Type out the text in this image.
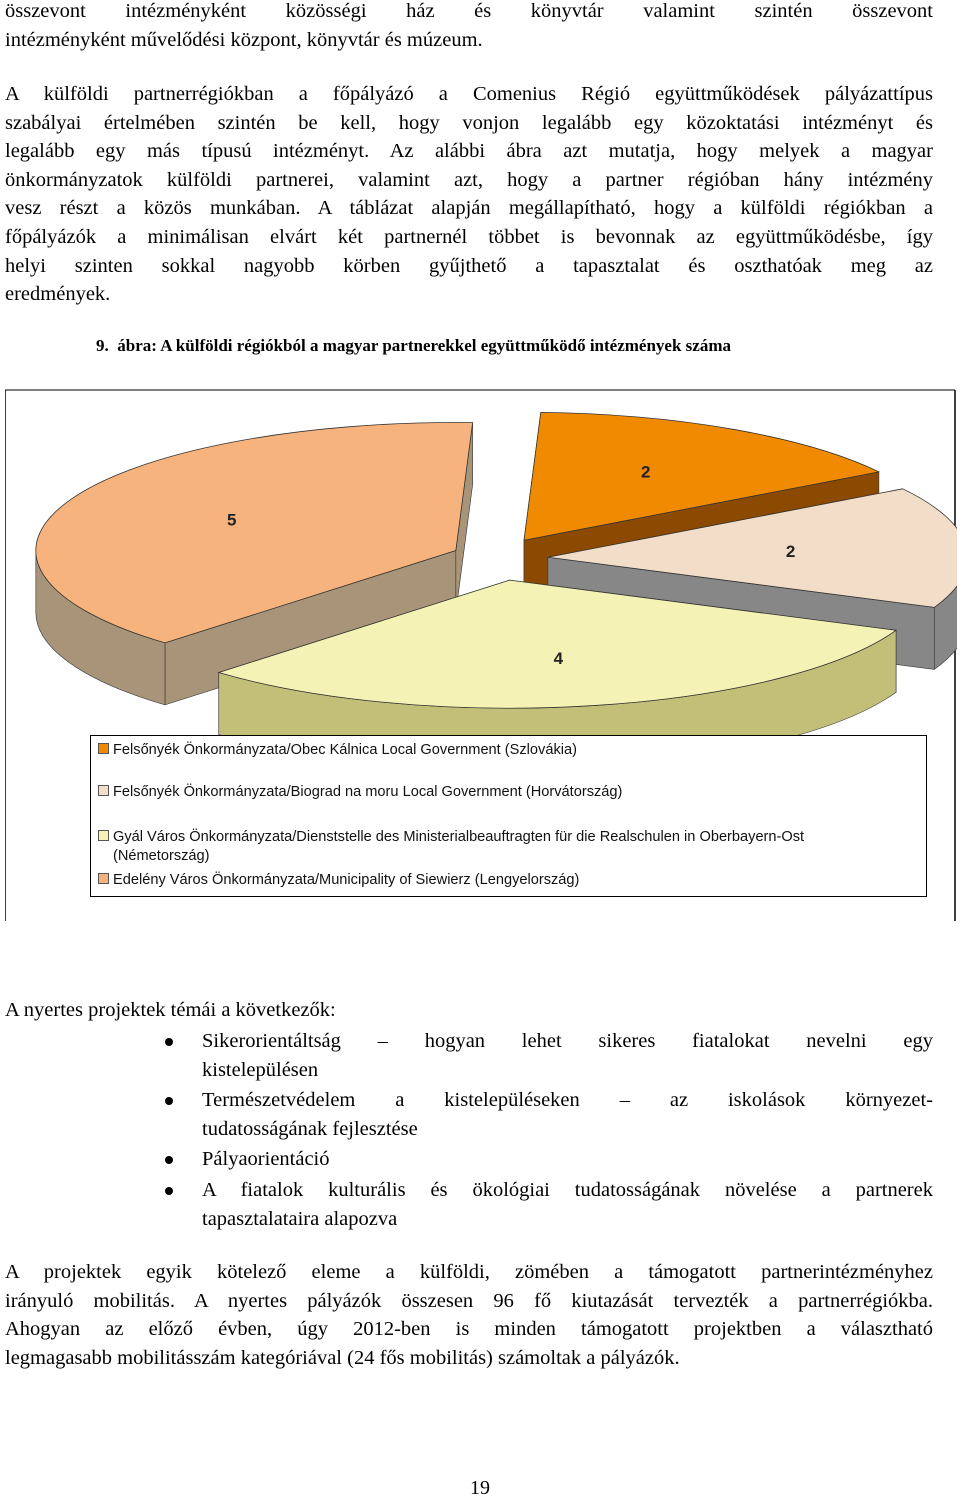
összevont intézményként közösségi ház és könyvtár valamint szintén összevont
intézményként művelődési központ, könyvtár és múzeum.
A külföldi partnerrégiókban a főpályázó a Comenius Régió együttműködések pályázattípus
szabályai értelmében szintén be kell, hogy vonjon legalább egy közoktatási intézményt és
legalább egy más típusú intézményt. Az alábbi ábra azt mutatja, hogy melyek a magyar
önkormányzatok külföldi partnerei, valamint azt, hogy a partner régióban hány intézmény
vesz részt a közös munkában. A táblázat alapján megállapítható, hogy a külföldi régiókban a
főpályázók a minimálisan elvárt két partnernél többet is bevonnak az együttműködésbe, így
helyi szinten sokkal nagyobb körben gyűjthető a tapasztalat és oszthatóak meg az
eredmények.
9.  ábra: A külföldi régiókból a magyar partnerekkel együttműködő intézmények száma
2
5
2
4
Felsőnyék Önkormányzata/Obec Kálnica Local Government (Szlovákia)
Felsőnyék Önkormányzata/Biograd na moru Local Government (Horvátország)
Gyál Város Önkormányzata/Dienststelle des Ministerialbeauftragten für die Realschulen in Oberbayern-Ost
(Németország)
Edelény Város Önkormányzata/Municipality of Siewierz (Lengyelország)
A nyertes projektek témái a következők:
Sikerorientáltság – hogyan lehet sikeres fiatalokat nevelni egy
kistelepülésen
Természetvédelem a kistelepüléseken – az iskolások környezet-
tudatosságának fejlesztése
Pályaorientáció
A fiatalok kulturális és ökológiai tudatosságának növelése a partnerek
tapasztalataira alapozva
A projektek egyik kötelező eleme a külföldi, zömében a támogatott partnerintézményhez
irányuló mobilitás. A nyertes pályázók összesen 96 fő kiutazását tervezték a partnerrégiókba.
Ahogyan az előző évben, úgy 2012-ben is minden támogatott projektben a választható
legmagasabb mobilitásszám kategóriával (24 fős mobilitás) számoltak a pályázók.
19
